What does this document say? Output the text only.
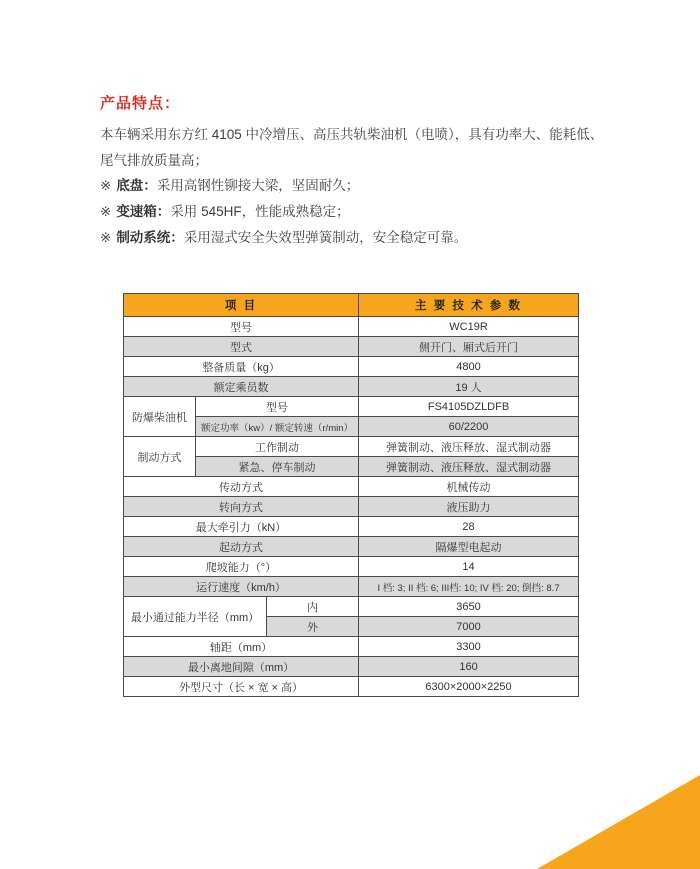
产品特点：
本车辆采用东方红 4105 中冷增压、高压共轨柴油机（电喷），具有功率大、能耗低、
尾气排放质量高；
※ 底盘：采用高钢性铆接大梁，坚固耐久；
※ 变速箱：采用 545HF，性能成熟稳定；
※ 制动系统：采用湿式安全失效型弹簧制动，安全稳定可靠。
项 目			主 要 技 术 参 数
型号			WC19R
型式			侧开门、厢式后开门
整备质量（kg）			4800
额定乘员数			19 人
防爆柴油机	型号		FS4105DZLDFB
	额定功率（kw）/ 额定转速（r/min）		60/2200
制动方式	工作制动		弹簧制动、液压释放、湿式制动器
	紧急、停车制动		弹簧制动、液压释放、湿式制动器
传动方式			机械传动
转向方式			液压助力
最大牵引力（kN）			28
起动方式			隔爆型电起动
爬坡能力（°）			14
运行速度（km/h）			I 档: 3; II 档: 6; III档: 10; IV 档: 20; 倒挡: 8.7
最小通过能力半径（mm）		内	3650
		外	7000
轴距（mm）			3300
最小离地间隙（mm）			160
外型尺寸（长 × 宽 × 高）			6300×2000×2250
